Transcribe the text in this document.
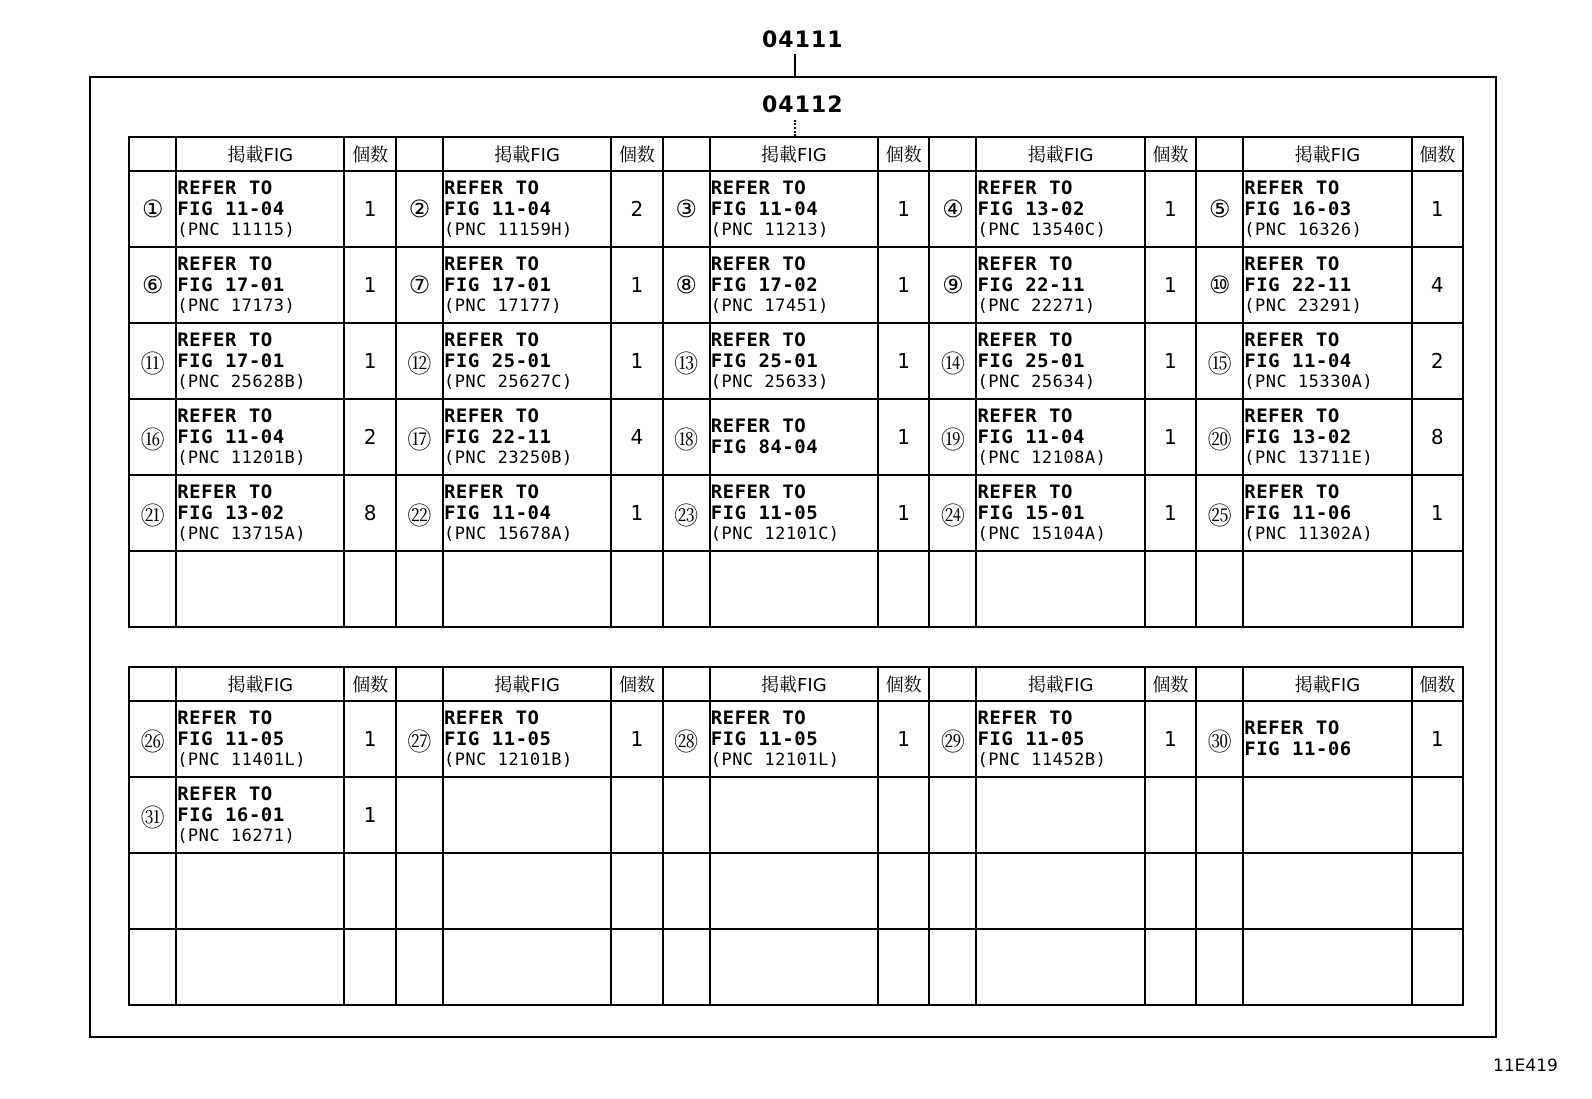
04111
04112
	掲載FIG	個数		掲載FIG	個数		掲載FIG	個数		掲載FIG	個数		掲載FIG	個数
①	REFER TO
FIG 11-04
(PNC 11115)	1	②	REFER TO
FIG 11-04
(PNC 11159H)	2	③	REFER TO
FIG 11-04
(PNC 11213)	1	④	REFER TO
FIG 13-02
(PNC 13540C)	1	⑤	REFER TO
FIG 16-03
(PNC 16326)	1
⑥	REFER TO
FIG 17-01
(PNC 17173)	1	⑦	REFER TO
FIG 17-01
(PNC 17177)	1	⑧	REFER TO
FIG 17-02
(PNC 17451)	1	⑨	REFER TO
FIG 22-11
(PNC 22271)	1	⑩	REFER TO
FIG 22-11
(PNC 23291)	4
⑪	REFER TO
FIG 17-01
(PNC 25628B)	1	⑫	REFER TO
FIG 25-01
(PNC 25627C)	1	⑬	REFER TO
FIG 25-01
(PNC 25633)	1	⑭	REFER TO
FIG 25-01
(PNC 25634)	1	⑮	REFER TO
FIG 11-04
(PNC 15330A)	2
⑯	REFER TO
FIG 11-04
(PNC 11201B)	2	⑰	REFER TO
FIG 22-11
(PNC 23250B)	4	⑱	REFER TO
FIG 84-04	1	⑲	REFER TO
FIG 11-04
(PNC 12108A)	1	⑳	REFER TO
FIG 13-02
(PNC 13711E)	8
㉑	REFER TO
FIG 13-02
(PNC 13715A)	8	㉒	REFER TO
FIG 11-04
(PNC 15678A)	1	㉓	REFER TO
FIG 11-05
(PNC 12101C)	1	㉔	REFER TO
FIG 15-01
(PNC 15104A)	1	㉕	REFER TO
FIG 11-06
(PNC 11302A)	1

	掲載FIG	個数		掲載FIG	個数		掲載FIG	個数		掲載FIG	個数		掲載FIG	個数
㉖	REFER TO
FIG 11-05
(PNC 11401L)	1	㉗	REFER TO
FIG 11-05
(PNC 12101B)	1	㉘	REFER TO
FIG 11-05
(PNC 12101L)	1	㉙	REFER TO
FIG 11-05
(PNC 11452B)	1	㉚	REFER TO
FIG 11-06	1
㉛	REFER TO
FIG 16-01
(PNC 16271)	1		

11E419
